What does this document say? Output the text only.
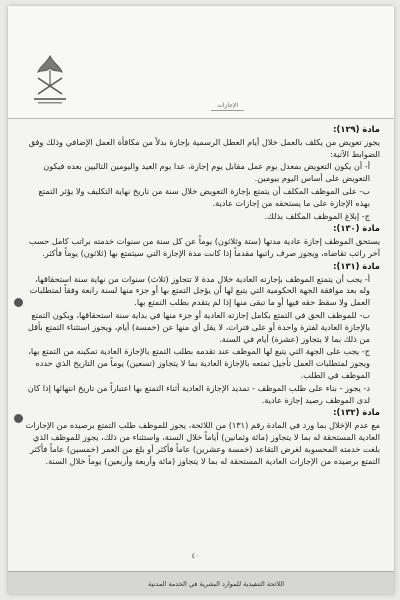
الإجازات
مادة (١٢٩):
يجوز تعويض من يكلف بالعمل خلال أيام العطل الرسمية بإجازة بدلاً من مكافأة العمل الإضافي وذلك وفق الضوابط الآتية:
أ- أن يكون التعويض بمعدل يوم عمل مقابل يوم إجازة، عدا يوم العيد واليومين التاليين بعده فيكون التعويض على أساس اليوم بيومين.
ب- على الموظف المكلف أن يتمتع بإجازة التعويض خلال سنة من تاريخ نهاية التكليف ولا يؤثر التمتع بهذه الإجازة على ما يستحقه من إجازات عادية.
ج- إبلاغ الموظف المكلف بذلك.
مادة (١٣٠):
يستحق الموظف إجازة عادية مدتها (ستة وثلاثون) يوماً عن كل سنة من سنوات خدمته براتب كامل حسب آخر راتب تقاضاه، ويجوز صرف راتبها مقدماً إذا كانت مدة الإجازة التي سيتمتع بها (ثلاثون) يوماً فأكثر.
مادة (١٣١):
أ- يجب أن يتمتع الموظف بإجازته العادية خلال مدة لا تتجاوز (ثلاث) سنوات من نهاية سنة استحقاقها، وله بعد موافقة الجهة الحكومية التي يتبع لها أن يؤجل التمتع بها أو جزء منها لسنة رابعة وفقاً لمتطلبات العمل ولا سقط حقه فيها أو ما تبقى منها إذا لم يتقدم بطلب التمتع بها.
ب- للموظف الحق في التمتع بكامل إجازته العادية أو جزء منها في بداية سنة استحقاقها، ويكون التمتع بالإجازة العادية لفترة واحدة أو على فترات، لا يقل أي منها عن (خمسة) أيام، ويجوز استثناء التمتع بأقل من ذلك بما لا يتجاوز (عشرة) أيام في السنة.
ج- يجب على الجهة التي يتبع لها الموظف عند تقدمه بطلب التمتع بالإجازة العادية تمكينه من التمتع بها، ويجوز لمتطلبات العمل تأجيل تمتعه بالإجازة العادية بما لا يتجاوز (تسعين) يوماً من التاريخ الذي حدده الموظف في الطلب.
د- يجوز - بناء على طلب الموظف - تمديد الإجازة العادية أثناء التمتع بها اعتباراً من تاريخ انتهائها إذا كان لدى الموظف رصيد إجازة عادية.
مادة (١٣٢):
مع عدم الإخلال بما ورد في المادة رقم (١٣١) من اللائحة، يجوز للموظف طلب التمتع برصيده من الإجازات العادية المستحقة له بما لا يتجاوز (مائة وثمانين) أياماً خلال السنة، واستثناء من ذلك، يجوز للموظف الذي بلغت خدمته المحسوبة لغرض التقاعد (خمسة وعشرين) عاماً فأكثر أو بلغ من العمر (خمسين) عاماً فأكثر التمتع برصيده من الإجازات العادية المستحقة له بما لا يتجاوز (مائة وأربعة وأربعين) يوماً خلال السنة.
٤٠
اللائحة التنفيذية للموارد البشرية في الخدمة المدنية
